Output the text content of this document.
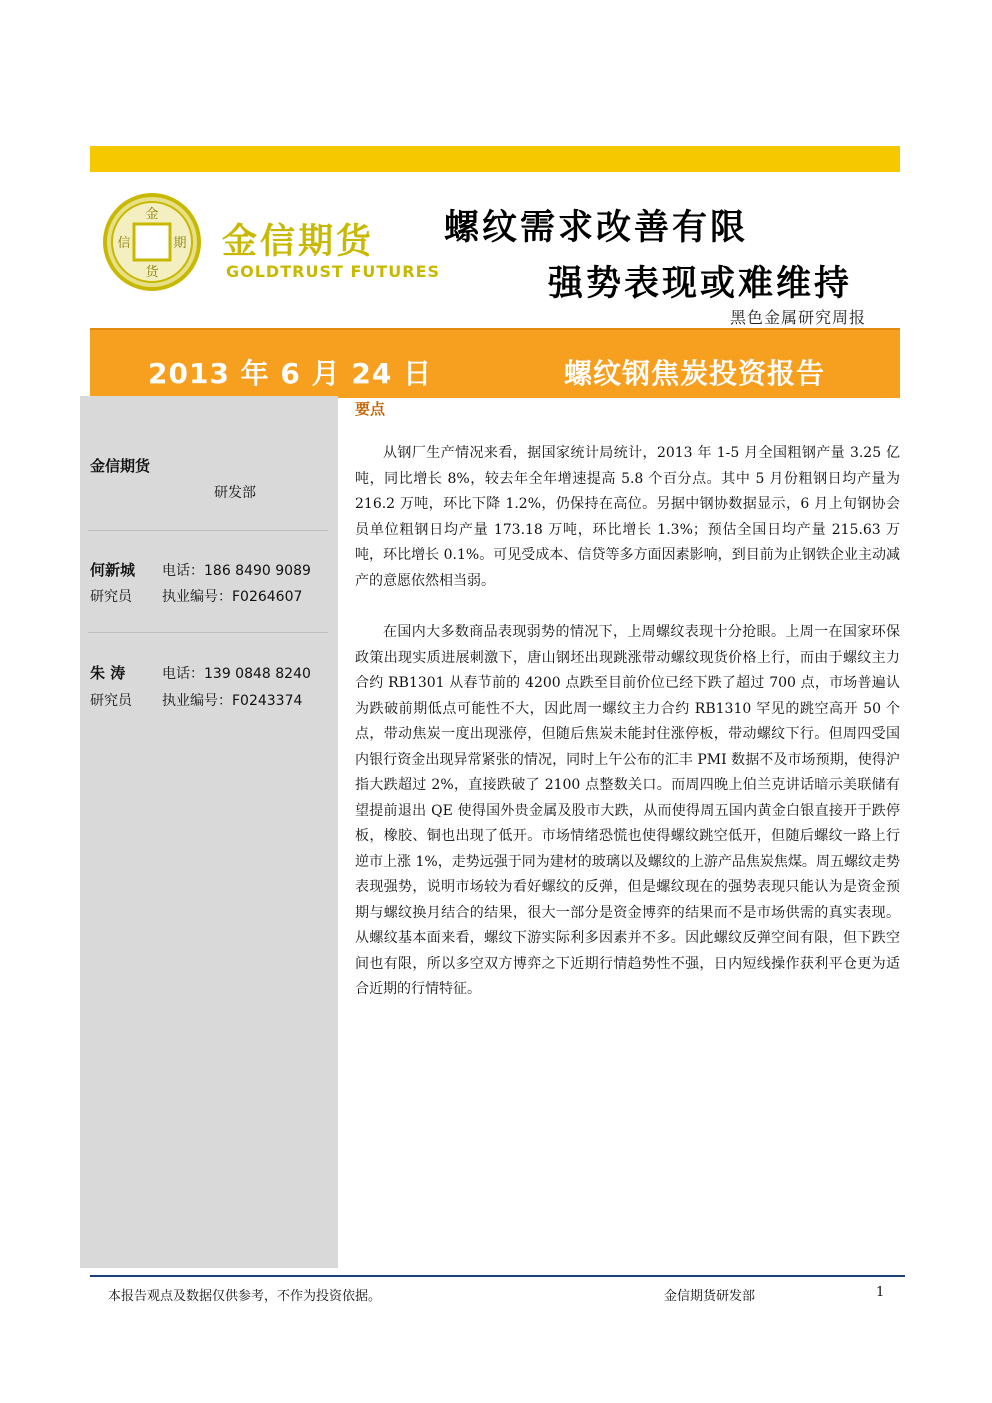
金
信	期
货
金信期货
GOLDTRUST FUTURES
螺纹需求改善有限
强势表现或难维持
黑色金属研究周报
2013 年 6 月 24 日	螺纹钢焦炭投资报告
金信期货
研发部
何新城 电话：186 8490 9089
研究员 执业编号：F0264607
朱 涛	电话：139 0848 8240
研究员 执业编号：F0243374
要点

从钢厂生产情况来看，据国家统计局统计，2013 年 1-5 月全国粗钢产量 3.25 亿吨，同比增长 8%，较去年全年增速提高 5.8 个百分点。其中 5 月份粗钢日均产量为 216.2 万吨，环比下降 1.2%，仍保持在高位。另据中钢协数据显示，6 月上旬钢协会员单位粗钢日均产量 173.18 万吨，环比增长 1.3%；预估全国日均产量 215.63 万吨，环比增长 0.1%。可见受成本、信贷等多方面因素影响，到目前为止钢铁企业主动减产的意愿依然相当弱。

在国内大多数商品表现弱势的情况下，上周螺纹表现十分抢眼。上周一在国家环保政策出现实质进展刺激下，唐山钢坯出现跳涨带动螺纹现货价格上行，而由于螺纹主力合约 RB1301 从春节前的 4200 点跌至目前价位已经下跌了超过 700 点，市场普遍认为跌破前期低点可能性不大，因此周一螺纹主力合约 RB1310 罕见的跳空高开 50 个点，带动焦炭一度出现涨停，但随后焦炭未能封住涨停板，带动螺纹下行。但周四受国内银行资金出现异常紧张的情况，同时上午公布的汇丰 PMI 数据不及市场预期，使得沪指大跌超过 2%，直接跌破了 2100 点整数关口。而周四晚上伯兰克讲话暗示美联储有望提前退出 QE 使得国外贵金属及股市大跌，从而使得周五国内黄金白银直接开于跌停板，橡胶、铜也出现了低开。市场情绪恐慌也使得螺纹跳空低开，但随后螺纹一路上行逆市上涨 1%，走势远强于同为建材的玻璃以及螺纹的上游产品焦炭焦煤。周五螺纹走势表现强势，说明市场较为看好螺纹的反弹，但是螺纹现在的强势表现只能认为是资金预期与螺纹换月结合的结果，很大一部分是资金博弈的结果而不是市场供需的真实表现。从螺纹基本面来看，螺纹下游实际利多因素并不多。因此螺纹反弹空间有限，但下跌空间也有限，所以多空双方博弈之下近期行情趋势性不强，日内短线操作获利平仓更为适合近期的行情特征。

本报告观点及数据仅供参考，不作为投资依据。	金信期货研发部	1
